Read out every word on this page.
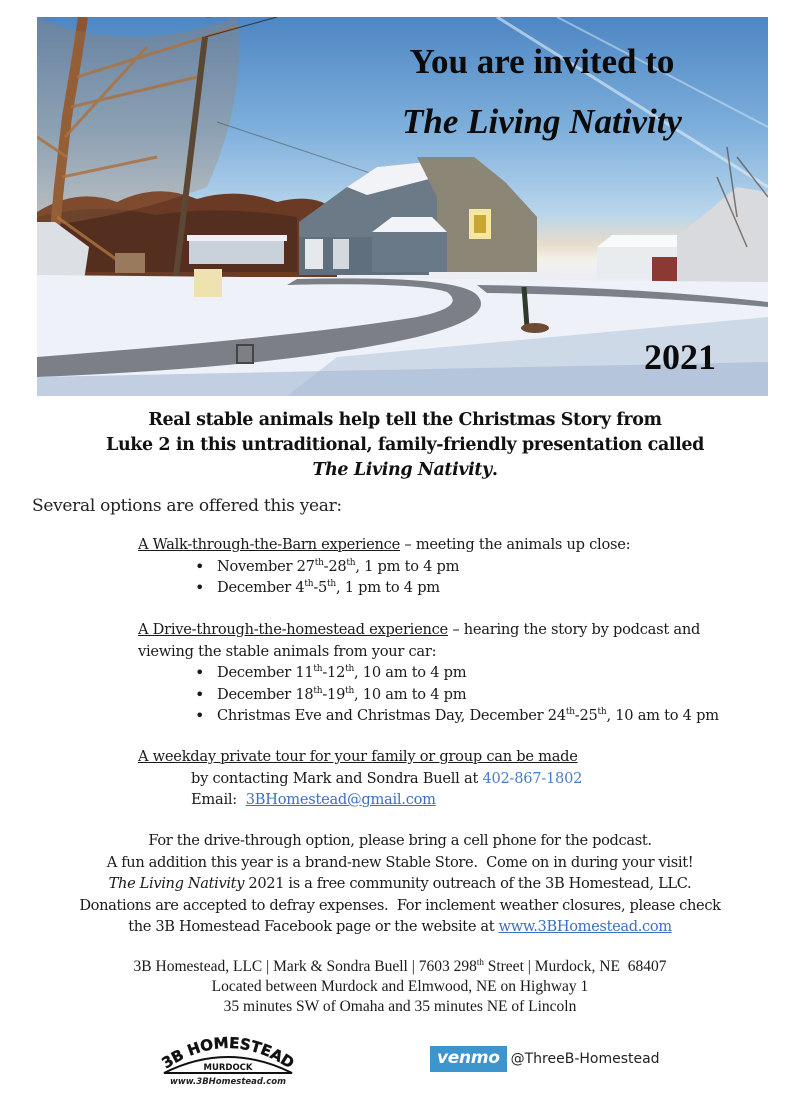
You are invited to
The Living Nativity
2021
Real stable animals help tell the Christmas Story from
Luke 2 in this untraditional, family-friendly presentation called
The Living Nativity.
Several options are offered this year:
A Walk-through-the-Barn experience – meeting the animals up close:
• November 27th-28th, 1 pm to 4 pm
• December 4th-5th, 1 pm to 4 pm
A Drive-through-the-homestead experience – hearing the story by podcast and
viewing the stable animals from your car:
• December 11th-12th, 10 am to 4 pm
• December 18th-19th, 10 am to 4 pm
• Christmas Eve and Christmas Day, December 24th-25th, 10 am to 4 pm
A weekday private tour for your family or group can be made
by contacting Mark and Sondra Buell at 402-867-1802
Email:  3BHomestead@gmail.com
For the drive-through option, please bring a cell phone for the podcast.
A fun addition this year is a brand-new Stable Store.  Come on in during your visit!
The Living Nativity 2021 is a free community outreach of the 3B Homestead, LLC.
Donations are accepted to defray expenses.  For inclement weather closures, please check
the 3B Homestead Facebook page or the website at www.3BHomestead.com
3B Homestead, LLC | Mark & Sondra Buell | 7603 298th Street | Murdock, NE  68407
Located between Murdock and Elmwood, NE on Highway 1
35 minutes SW of Omaha and 35 minutes NE of Lincoln
3B HOMESTEAD
MURDOCK
www.3BHomestead.com
venmo @ThreeB-Homestead
